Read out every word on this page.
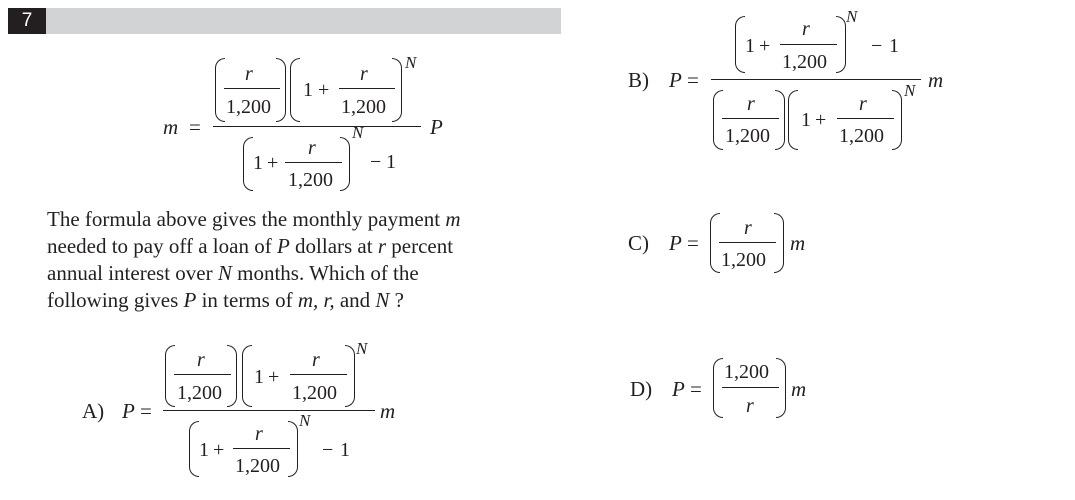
7
m =
r
1,200
1 +
r
1,200
N
P
1 +
r
1,200
N
− 1
The formula above gives the monthly payment m
needed to pay off a loan of P dollars at r percent
annual interest over N months. Which of the
following gives P in terms of m, r, and N ?
A) P =
r
1,200
1 +
r
1,200
N
m
1 +
r
1,200
N
− 1
B) P =
1 +
r
1,200
N
− 1
m
r
1,200
1 +
r
1,200
N
C) P =
r
1,200
m
D) P =
1,200
r
m
